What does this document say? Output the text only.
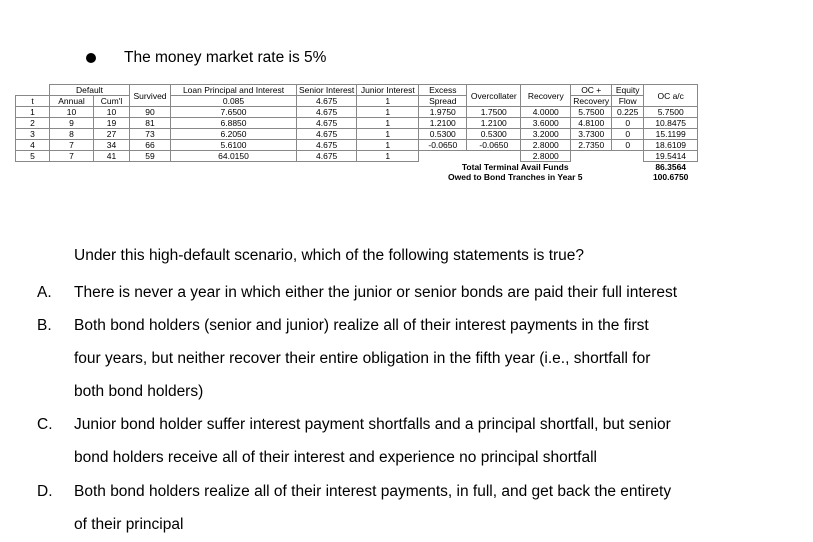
The money market rate is 5%
	Default		Survived	Loan Principal and Interest	Senior Interest	Junior Interest	Excess	Overcollater	Recovery	OC +	Equity	OC a/c
t	Annual	Cum'l		0.085	4.675	1	Spread			Recovery	Flow	
1	10	10	90	7.6500	4.675	1	1.9750	1.7500	4.0000	5.7500	0.225	5.7500
2	9	19	81	6.8850	4.675	1	1.2100	1.2100	3.6000	4.8100	0	10.8475
3	8	27	73	6.2050	4.675	1	0.5300	0.5300	3.2000	3.7300	0	15.1199
4	7	34	66	5.6100	4.675	1	-0.0650	-0.0650	2.8000	2.7350	0	18.6109
5	7	41	59	64.0150	4.675	1			2.8000			19.5414
							Total Terminal Avail Funds					86.3564
							Owed to Bond Tranches in Year 5					100.6750
Under this high-default scenario, which of the following statements is true?
A. There is never a year in which either the junior or senior bonds are paid their full interest
B. Both bond holders (senior and junior) realize all of their interest payments in the first
four years, but neither recover their entire obligation in the fifth year (i.e., shortfall for
both bond holders)
C. Junior bond holder suffer interest payment shortfalls and a principal shortfall, but senior
bond holders receive all of their interest and experience no principal shortfall
D. Both bond holders realize all of their interest payments, in full, and get back the entirety
of their principal
